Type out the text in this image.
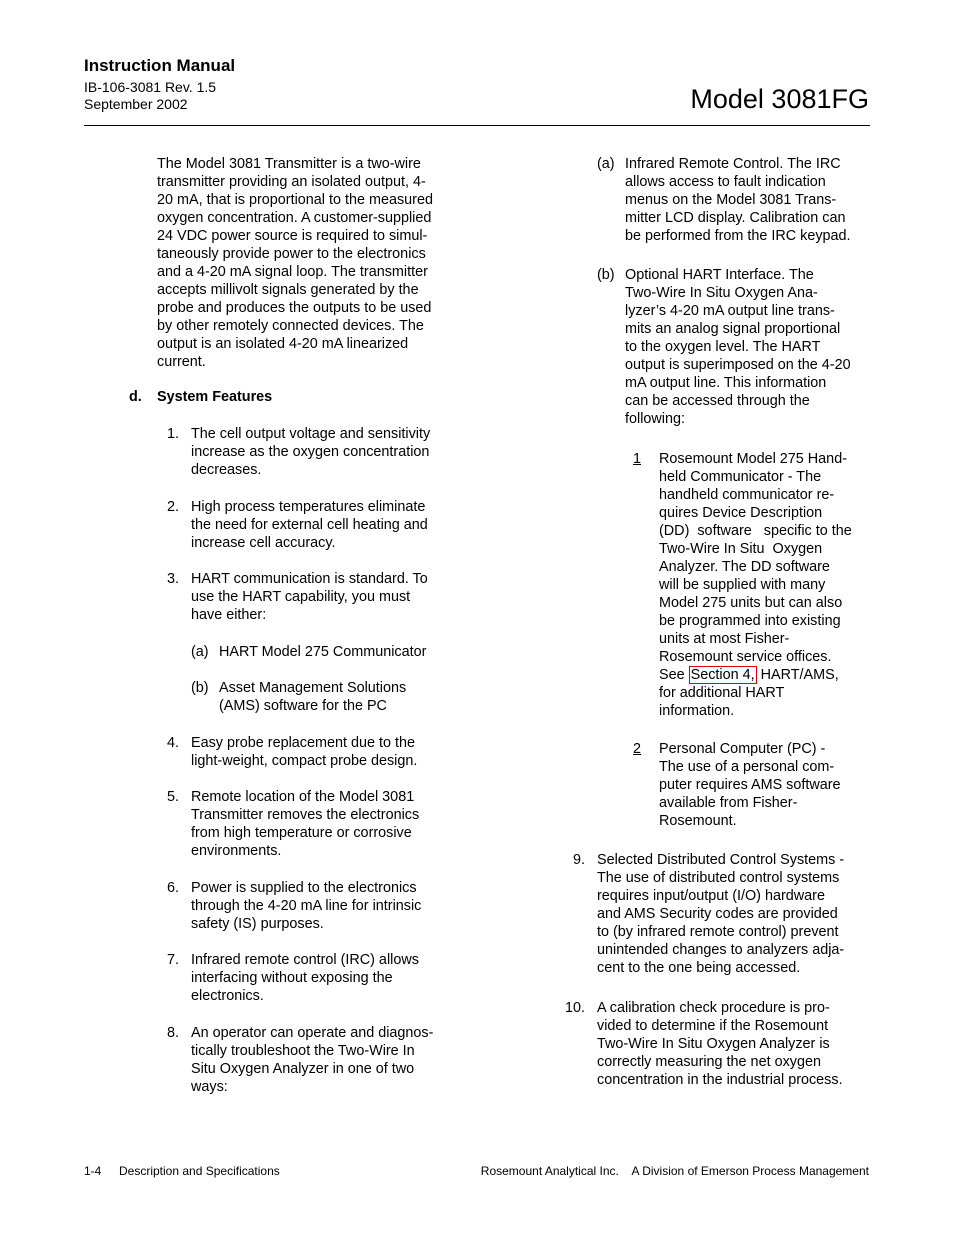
Instruction Manual
IB-106-3081 Rev. 1.5
September 2002	Model 3081FG
The Model 3081 Transmitter is a two-wire
transmitter providing an isolated output, 4-
20 mA, that is proportional to the measured
oxygen concentration. A customer-supplied
24 VDC power source is required to simul-
taneously provide power to the electronics
and a 4-20 mA signal loop. The transmitter
accepts millivolt signals generated by the
probe and produces the outputs to be used
by other remotely connected devices. The
output is an isolated 4-20 mA linearized
current.
d. System Features
1. The cell output voltage and sensitivity
increase as the oxygen concentration
decreases.
2. High process temperatures eliminate
the need for external cell heating and
increase cell accuracy.
3. HART communication is standard. To
use the HART capability, you must
have either:
(a) HART Model 275 Communicator
(b) Asset Management Solutions
(AMS) software for the PC
4. Easy probe replacement due to the
light-weight, compact probe design.
5. Remote location of the Model 3081
Transmitter removes the electronics
from high temperature or corrosive
environments.
6. Power is supplied to the electronics
through the 4-20 mA line for intrinsic
safety (IS) purposes.
7. Infrared remote control (IRC) allows
interfacing without exposing the
electronics.
8. An operator can operate and diagnos-
tically troubleshoot the Two-Wire In
Situ Oxygen Analyzer in one of two
ways:
(a) Infrared Remote Control. The IRC
allows access to fault indication
menus on the Model 3081 Trans-
mitter LCD display. Calibration can
be performed from the IRC keypad.
(b) Optional HART Interface. The
Two-Wire In Situ Oxygen Ana-
lyzer’s 4-20 mA output line trans-
mits an analog signal proportional
to the oxygen level. The HART
output is superimposed on the 4-20
mA output line. This information
can be accessed through the
following:
1 Rosemount Model 275 Hand-
held Communicator - The
handheld communicator re-
quires Device Description
(DD)  software   specific to the
Two-Wire In Situ  Oxygen
Analyzer. The DD software
will be supplied with many
Model 275 units but can also
be programmed into existing
units at most Fisher-
Rosemount service offices.
See Section 4, HART/AMS,
for additional HART
information.
2 Personal Computer (PC) -
The use of a personal com-
puter requires AMS software
available from Fisher-
Rosemount.
9. Selected Distributed Control Systems -
The use of distributed control systems
requires input/output (I/O) hardware
and AMS Security codes are provided
to (by infrared remote control) prevent
unintended changes to analyzers adja-
cent to the one being accessed.
10. A calibration check procedure is pro-
vided to determine if the Rosemount
Two-Wire In Situ Oxygen Analyzer is
correctly measuring the net oxygen
concentration in the industrial process.
1-4 Description and Specifications	Rosemount Analytical Inc. A Division of Emerson Process Management
